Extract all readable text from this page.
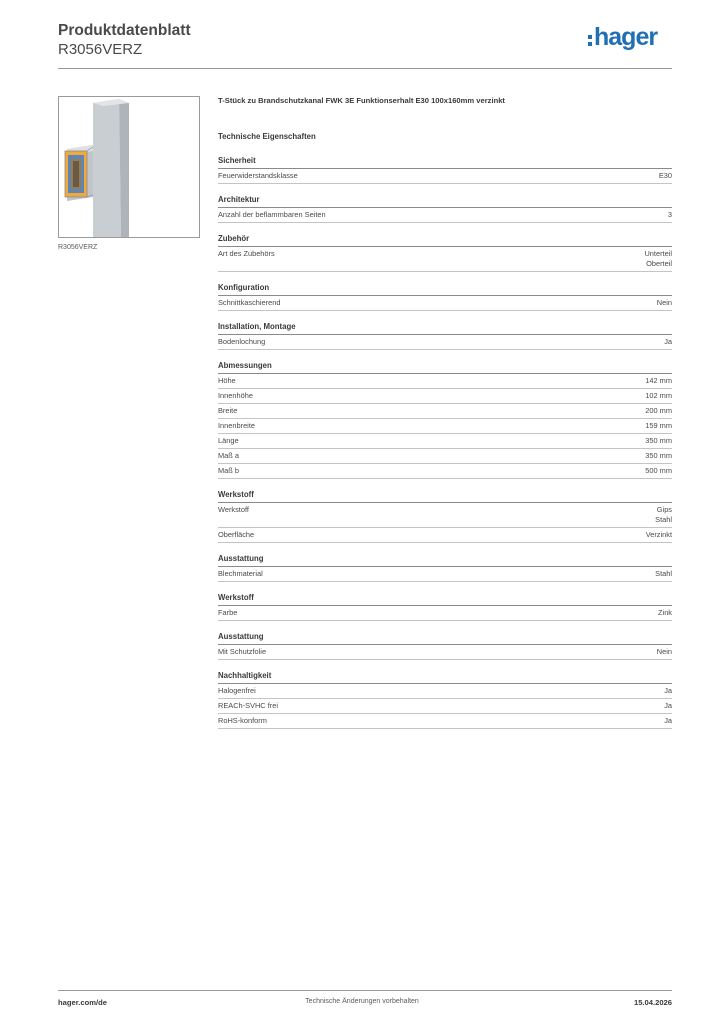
Produktdatenblatt
R3056VERZ	hager
R3056VERZ
T-Stück zu Brandschutzkanal FWK 3E Funktionserhalt E30 100x160mm verzinkt
Technische Eigenschaften
Sicherheit
Feuerwiderstandsklasse	E30
Architektur
Anzahl der beflammbaren Seiten	3
Zubehör
Art des Zubehörs	Unterteil
Oberteil
Konfiguration
Schnittkaschierend	Nein
Installation, Montage
Bodenlochung	Ja
Abmessungen
Höhe	142 mm
Innenhöhe	102 mm
Breite	200 mm
Innenbreite	159 mm
Länge	350 mm
Maß a	350 mm
Maß b	500 mm
Werkstoff
Werkstoff	Gips
Stahl
Oberfläche	Verzinkt
Ausstattung
Blechmaterial	Stahl
Werkstoff
Farbe	Zink
Ausstattung
Mit Schutzfolie	Nein
Nachhaltigkeit
Halogenfrei	Ja
REACh-SVHC frei	Ja
RoHS-konform	Ja
hager.com/de	Technische Änderungen vorbehalten	15.04.2026
